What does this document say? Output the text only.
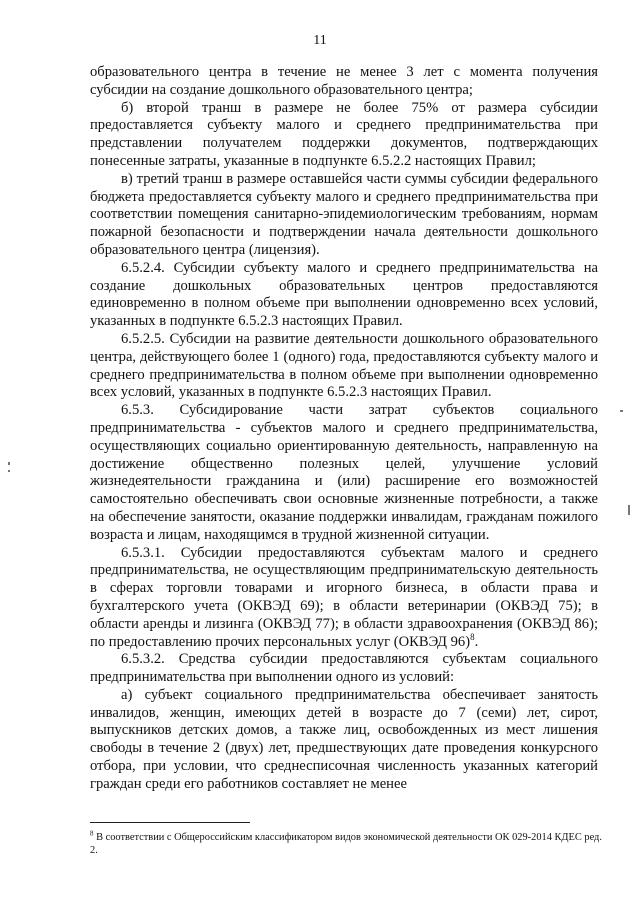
11

образовательного центра в течение не менее 3 лет с момента получения субсидии на создание дошкольного образовательного центра;

б) второй транш в размере не более 75% от размера субсидии предоставляется субъекту малого и среднего предпринимательства при представлении получателем поддержки документов, подтверждающих понесенные затраты, указанные в подпункте 6.5.2.2 настоящих Правил;

в) третий транш в размере оставшейся части суммы субсидии федерального бюджета предоставляется субъекту малого и среднего предпринимательства при соответствии помещения санитарно-эпидемиологическим требованиям, нормам пожарной безопасности и подтверждении начала деятельности дошкольного образовательного центра (лицензия).

6.5.2.4. Субсидии субъекту малого и среднего предпринимательства на создание дошкольных образовательных центров предоставляются единовременно в полном объеме при выполнении одновременно всех условий, указанных в подпункте 6.5.2.3 настоящих Правил.

6.5.2.5. Субсидии на развитие деятельности дошкольного образовательного центра, действующего более 1 (одного) года, предоставляются субъекту малого и среднего предпринимательства в полном объеме при выполнении одновременно всех условий, указанных в подпункте 6.5.2.3 настоящих Правил.

6.5.3. Субсидирование части затрат субъектов социального предпринимательства - субъектов малого и среднего предпринимательства, осуществляющих социально ориентированную деятельность, направленную на достижение общественно полезных целей, улучшение условий жизнедеятельности гражданина и (или) расширение его возможностей самостоятельно обеспечивать свои основные жизненные потребности, а также на обеспечение занятости, оказание поддержки инвалидам, гражданам пожилого возраста и лицам, находящимся в трудной жизненной ситуации.

6.5.3.1. Субсидии предоставляются субъектам малого и среднего предпринимательства, не осуществляющим предпринимательскую деятельность в сферах торговли товарами и игорного бизнеса, в области права и бухгалтерского учета (ОКВЭД 69); в области ветеринарии (ОКВЭД 75); в области аренды и лизинга (ОКВЭД 77); в области здравоохранения (ОКВЭД 86); по предоставлению прочих персональных услуг (ОКВЭД 96)$^8$.

6.5.3.2. Средства субсидии предоставляются субъектам социального предпринимательства при выполнении одного из условий:

а) субъект социального предпринимательства обеспечивает занятость инвалидов, женщин, имеющих детей в возрасте до 7 (семи) лет, сирот, выпускников детских домов, а также лиц, освобожденных из мест лишения свободы в течение 2 (двух) лет, предшествующих дате проведения конкурсного отбора, при условии, что среднесписочная численность указанных категорий граждан среди его работников составляет не менее

$^8$ В соответствии с Общероссийским классификатором видов экономической деятельности ОК 029-2014 КДЕС ред. 2.
